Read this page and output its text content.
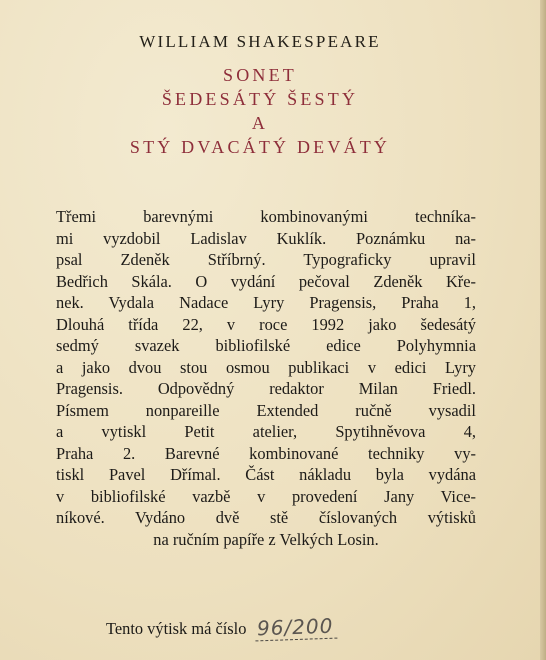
WILLIAM SHAKESPEARE
SONET
ŠEDESÁTÝ ŠESTÝ
A
STÝ DVACÁTÝ DEVÁTÝ
Třemi barevnými kombinovanými techníka-
mi vyzdobil Ladislav Kuklík. Poznámku na-
psal Zdeněk Stříbrný. Typograficky upravil
Bedřich Skála. O vydání pečoval Zdeněk Kře-
nek. Vydala Nadace Lyry Pragensis, Praha 1,
Dlouhá třída 22, v roce 1992 jako šedesátý
sedmý svazek bibliofilské edice Polyhymnia
a jako dvou stou osmou publikaci v edici Lyry
Pragensis. Odpovědný redaktor Milan Friedl.
Písmem nonpareille Extended ručně vysadil
a vytiskl Petit atelier, Spytihněvova 4,
Praha 2. Barevné kombinované techniky vy-
tiskl Pavel Dřímal. Část nákladu byla vydána
v bibliofilské vazbě v provedení Jany Vice-
níkové. Vydáno dvě stě číslovaných výtisků
na ručním papíře z Velkých Losin.
Tento výtisk má číslo 96/200
